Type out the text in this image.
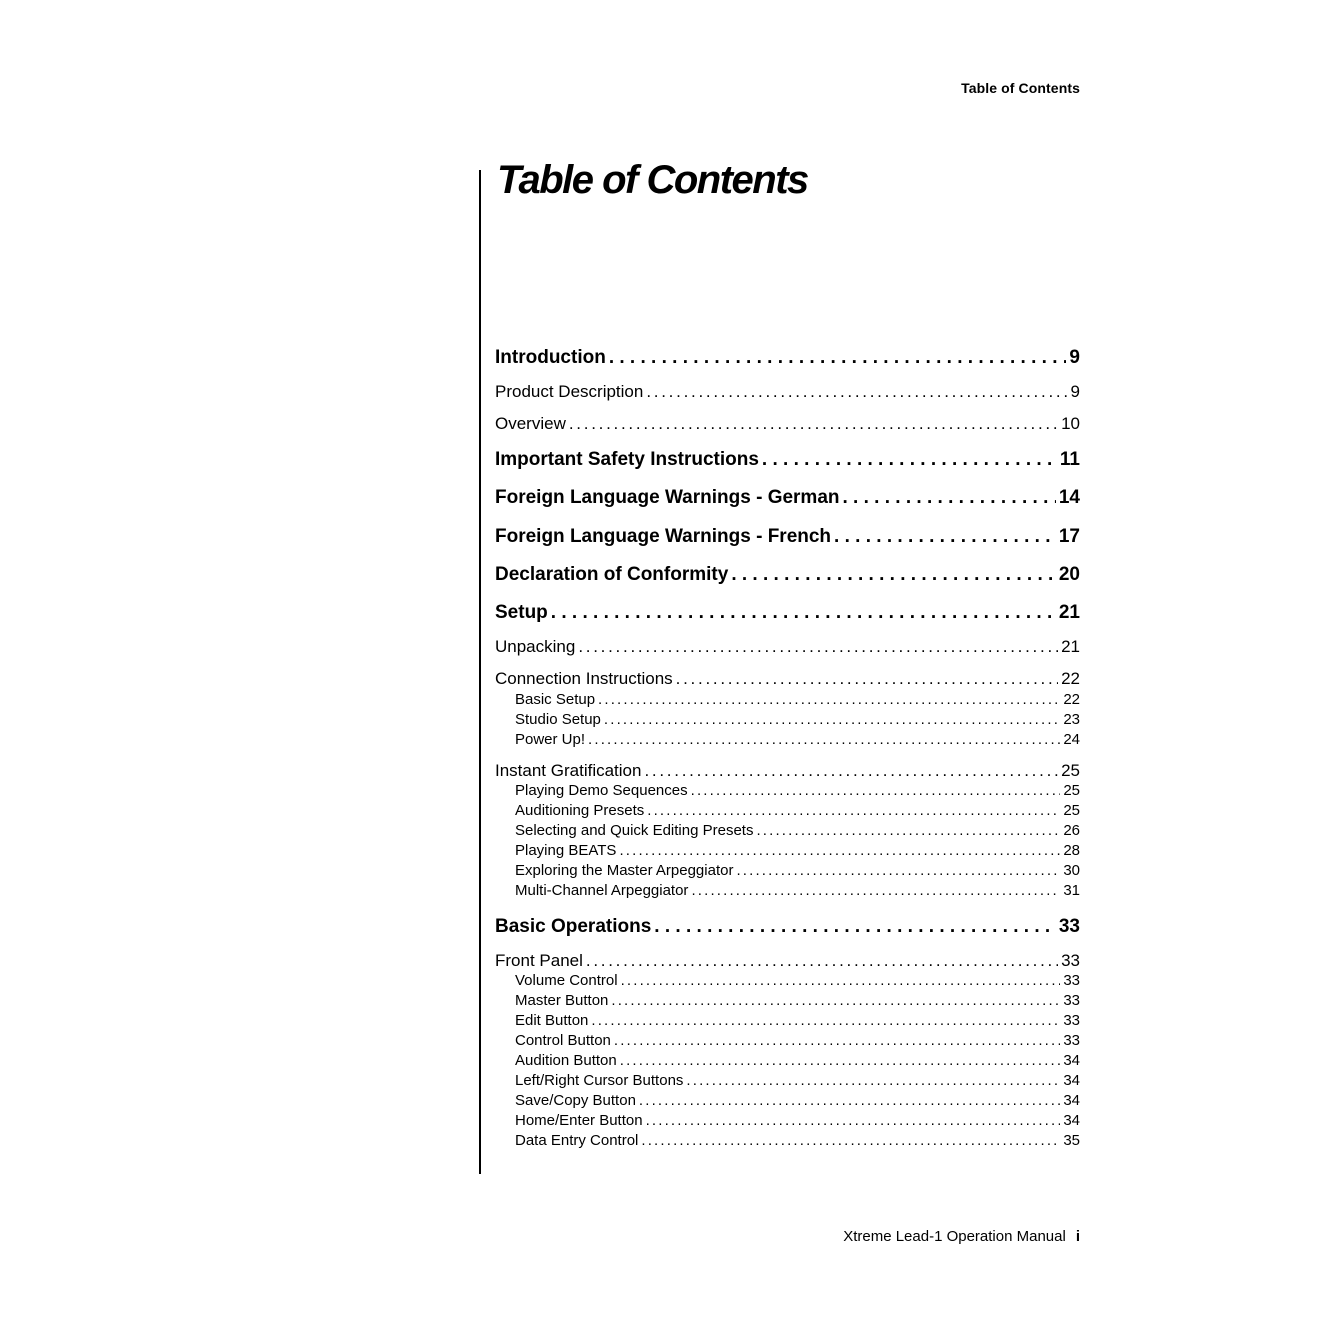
Table of Contents
Table of Contents
Introduction . . .	9
Product Description . . .	9
Overview . . .	10
Important Safety Instructions . . .	11
Foreign Language Warnings - German . . .	14
Foreign Language Warnings - French . . .	17
Declaration of Conformity . . .	20
Setup . . .	21
Unpacking . . .	21
Connection Instructions . . .	22
Basic Setup . . .	22
Studio Setup . . .	23
Power Up! . . .	24
Instant Gratification . . .	25
Playing Demo Sequences . . .	25
Auditioning Presets . . .	25
Selecting and Quick Editing Presets . . .	26
Playing BEATS . . .	28
Exploring the Master Arpeggiator . . .	30
Multi-Channel Arpeggiator . . .	31
Basic Operations . . .	33
Front Panel . . .	33
Volume Control . . .	33
Master Button . . .	33
Edit Button . . .	33
Control Button . . .	33
Audition Button . . .	34
Left/Right Cursor Buttons . . .	34
Save/Copy Button . . .	34
Home/Enter Button . . .	34
Data Entry Control . . .	35
Xtreme Lead-1 Operation Manual i
